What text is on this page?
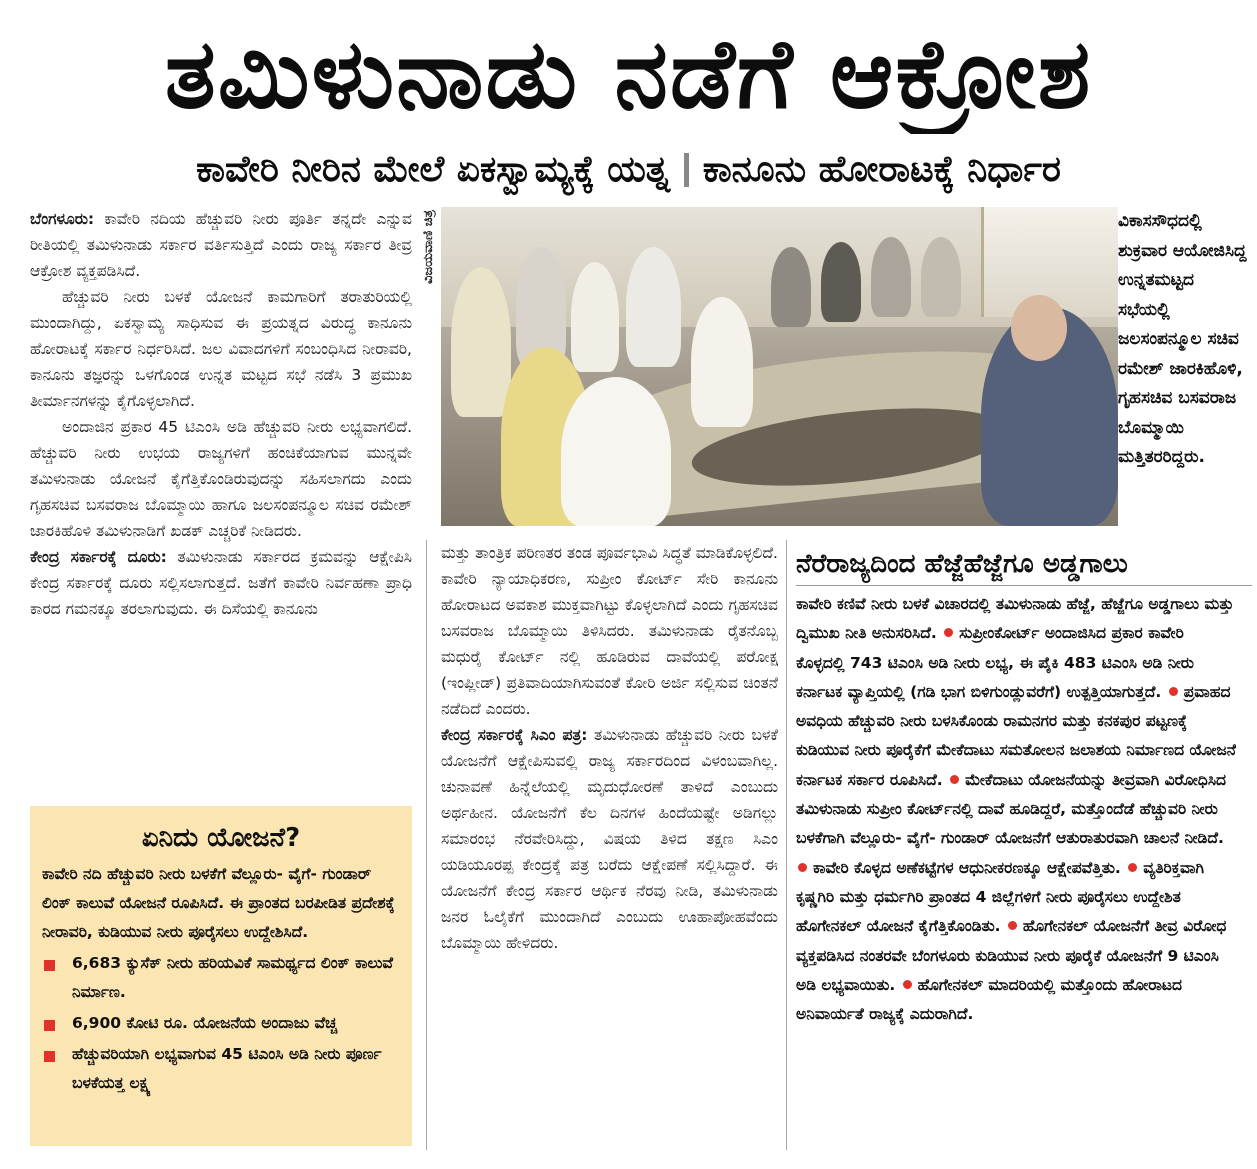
ತಮಿಳುನಾಡು ನಡೆಗೆ ಆಕ್ರೋಶ
ಕಾವೇರಿ ನೀರಿನ ಮೇಲೆ ಏಕಸ್ವಾಮ್ಯಕ್ಕೆ ಯತ್ನ ಕಾನೂನು ಹೋರಾಟಕ್ಕೆ ನಿರ್ಧಾರ

ಬೆಂಗಳೂರು: ಕಾವೇರಿ ನದಿಯ ಹೆಚ್ಚುವರಿ ನೀರು ಪೂರ್ತಿ ತನ್ನದೇ ಎನ್ನುವ ರೀತಿಯಲ್ಲಿ ತಮಿಳುನಾಡು ಸರ್ಕಾರ ವರ್ತಿಸುತ್ತಿದೆ ಎಂದು ರಾಜ್ಯ ಸರ್ಕಾರ ತೀವ್ರ ಆಕ್ರೋಶ ವ್ಯಕ್ತಪಡಿಸಿದೆ.

ಹೆಚ್ಚುವರಿ ನೀರು ಬಳಕೆ ಯೋಜನೆ ಕಾಮಗಾರಿಗೆ ತರಾತುರಿಯಲ್ಲಿ ಮುಂದಾಗಿದ್ದು, ಏಕಸ್ವಾಮ್ಯ ಸಾಧಿಸುವ ಈ ಪ್ರಯತ್ನದ ವಿರುದ್ಧ ಕಾನೂನು ಹೋರಾಟಕ್ಕೆ ಸರ್ಕಾರ ನಿರ್ಧರಿಸಿದೆ. ಜಲ ವಿವಾದಗಳಿಗೆ ಸಂಬಂಧಿಸಿದ ನೀರಾವರಿ, ಕಾನೂನು ತಜ್ಞರನ್ನು ಒಳಗೊಂಡ ಉನ್ನತ ಮಟ್ಟದ ಸಭೆ ನಡೆಸಿ 3 ಪ್ರಮುಖ ತೀರ್ಮಾನಗಳನ್ನು ಕೈಗೊಳ್ಳಲಾಗಿದೆ.

ಅಂದಾಜಿನ ಪ್ರಕಾರ 45 ಟಿಎಂಸಿ ಅಡಿ ಹೆಚ್ಚುವರಿ ನೀರು ಲಭ್ಯವಾಗಲಿದೆ. ಹೆಚ್ಚುವರಿ ನೀರು ಉಭಯ ರಾಜ್ಯಗಳಿಗೆ ಹಂಚಿಕೆಯಾಗುವ ಮುನ್ನವೇ ತಮಿಳುನಾಡು ಯೋಜನೆ ಕೈಗೆತ್ತಿಕೊಂಡಿರುವುದನ್ನು ಸಹಿಸಲಾಗದು ಎಂದು ಗೃಹಸಚಿವ ಬಸವರಾಜ ಬೊಮ್ಮಾಯಿ ಹಾಗೂ ಜಲಸಂಪನ್ಮೂಲ ಸಚಿವ ರಮೇಶ್ ಜಾರಕಿಹೊಳಿ ತಮಿಳುನಾಡಿಗೆ ಖಡಕ್ ಎಚ್ಚರಿಕೆ ನೀಡಿದರು.

ಕೇಂದ್ರ ಸರ್ಕಾರಕ್ಕೆ ದೂರು: ತಮಿಳುನಾಡು ಸರ್ಕಾರದ ಕ್ರಮವನ್ನು ಆಕ್ಷೇಪಿಸಿ ಕೇಂದ್ರ ಸರ್ಕಾರಕ್ಕೆ ದೂರು ಸಲ್ಲಿಸಲಾಗುತ್ತದೆ. ಜತೆಗೆ ಕಾವೇರಿ ನಿರ್ವಹಣಾ ಪ್ರಾಧಿ ಕಾರದ ಗಮನಕ್ಕೂ ತರಲಾಗುವುದು. ಈ ದಿಸೆಯಲ್ಲಿ ಕಾನೂನು

ವಿಜಯವಾಣಿ ಚಿತ್ರ	ವಿಕಾಸಸೌಧದಲ್ಲಿ ಶುಕ್ರವಾರ ಆಯೋಜಿಸಿದ್ದ ಉನ್ನತಮಟ್ಟದ ಸಭೆಯಲ್ಲಿ ಜಲಸಂಪನ್ಮೂಲ ಸಚಿವ ರಮೇಶ್ ಜಾರಕಿಹೊಳಿ, ಗೃಹಸಚಿವ ಬಸವರಾಜ ಬೊಮ್ಮಾಯಿ ಮತ್ತಿತರರಿದ್ದರು.

ಮತ್ತು ತಾಂತ್ರಿಕ ಪರಿಣತರ ತಂಡ ಪೂರ್ವಭಾವಿ ಸಿದ್ಧತೆ ಮಾಡಿಕೊಳ್ಳಲಿದೆ. ಕಾವೇರಿ ನ್ಯಾಯಾಧಿಕರಣ, ಸುಪ್ರೀಂ ಕೋರ್ಟ್ ಸೇರಿ ಕಾನೂನು ಹೋರಾಟದ ಅವಕಾಶ ಮುಕ್ತವಾಗಿಟ್ಟು ಕೊಳ್ಳಲಾಗಿದೆ ಎಂದು ಗೃಹಸಚಿವ ಬಸವರಾಜ ಬೊಮ್ಮಾಯಿ ತಿಳಿಸಿದರು. ತಮಿಳುನಾಡು ರೈತನೊಬ್ಬ ಮಧುರೈ ಕೋರ್ಟ್ ನಲ್ಲಿ ಹೂಡಿರುವ ದಾವೆಯಲ್ಲಿ ಪರೋಕ್ಷ (ಇಂಪ್ಲೀಡ್) ಪ್ರತಿವಾದಿಯಾಗಿಸುವಂತೆ ಕೋರಿ ಅರ್ಜಿ ಸಲ್ಲಿಸುವ ಚಿಂತನೆ ನಡೆದಿದೆ ಎಂದರು.

ಕೇಂದ್ರ ಸರ್ಕಾರಕ್ಕೆ ಸಿಎಂ ಪತ್ರ: ತಮಿಳುನಾಡು ಹೆಚ್ಚುವರಿ ನೀರು ಬಳಕೆ ಯೋಜನೆಗೆ ಆಕ್ಷೇಪಿಸುವಲ್ಲಿ ರಾಜ್ಯ ಸರ್ಕಾರದಿಂದ ವಿಳಂಬವಾಗಿಲ್ಲ. ಚುನಾವಣೆ ಹಿನ್ನೆಲೆಯಲ್ಲಿ ಮೃದುಧೋರಣೆ ತಾಳಿದೆ ಎಂಬುದು ಅರ್ಥಹೀನ. ಯೋಜನೆಗೆ ಕೆಲ ದಿನಗಳ ಹಿಂದೆಯಷ್ಟೇ ಅಡಿಗಲ್ಲು ಸಮಾರಂಭ ನೆರವೇರಿಸಿದ್ದು, ವಿಷಯ ತಿಳಿದ ತಕ್ಷಣ ಸಿಎಂ ಯಡಿಯೂರಪ್ಪ ಕೇಂದ್ರಕ್ಕೆ ಪತ್ರ ಬರೆದು ಆಕ್ಷೇಪಣೆ ಸಲ್ಲಿಸಿದ್ದಾರೆ. ಈ ಯೋಜನೆಗೆ ಕೇಂದ್ರ ಸರ್ಕಾರ ಆರ್ಥಿಕ ನೆರವು ನೀಡಿ, ತಮಿಳುನಾಡು ಜನರ ಓಲೈಕೆಗೆ ಮುಂದಾಗಿದೆ ಎಂಬುದು ಊಹಾಪೋಹವೆಂದು ಬೊಮ್ಮಾಯಿ ಹೇಳಿದರು.

ಏನಿದು ಯೋಜನೆ?
ಕಾವೇರಿ ನದಿ ಹೆಚ್ಚುವರಿ ನೀರು ಬಳಕೆಗೆ ವೆಲ್ಲೂರು- ವೈಗೆ- ಗುಂಡಾರ್ ಲಿಂಕ್ ಕಾಲುವೆ ಯೋಜನೆ ರೂಪಿಸಿದೆ. ಈ ಪ್ರಾಂತದ ಬರಪೀಡಿತ ಪ್ರದೇಶಕ್ಕೆ ನೀರಾವರಿ, ಕುಡಿಯುವ ನೀರು ಪೂರೈಸಲು ಉದ್ದೇಶಿಸಿದೆ.
6,683 ಕ್ಯುಸೆಕ್ ನೀರು ಹರಿಯವಿಕೆ ಸಾಮರ್ಥ್ಯದ ಲಿಂಕ್ ಕಾಲುವೆ ನಿರ್ಮಾಣ.
6,900 ಕೋಟಿ ರೂ. ಯೋಜನೆಯ ಅಂದಾಜು ವೆಚ್ಚ
ಹೆಚ್ಚುವರಿಯಾಗಿ ಲಭ್ಯವಾಗುವ 45 ಟಿಎಂಸಿ ಅಡಿ ನೀರು ಪೂರ್ಣ ಬಳಕೆಯತ್ತ ಲಕ್ಷ್ಯ
ನೆರೆರಾಜ್ಯದಿಂದ ಹೆಜ್ಜೆಹೆಜ್ಜೆಗೂ ಅಡ್ಡಗಾಲು
ಕಾವೇರಿ ಕಣಿವೆ ನೀರು ಬಳಕೆ ವಿಚಾರದಲ್ಲಿ ತಮಿಳುನಾಡು ಹೆಜ್ಜೆ, ಹೆಜ್ಜೆಗೂ ಅಡ್ಡಗಾಲು ಮತ್ತು ದ್ವಿಮುಖ ನೀತಿ ಅನುಸರಿಸಿದೆ. ಸುಪ್ರೀಂಕೋರ್ಟ್ ಅಂದಾಜಿಸಿದ ಪ್ರಕಾರ ಕಾವೇರಿ ಕೊಳ್ಳದಲ್ಲಿ 743 ಟಿಎಂಸಿ ಅಡಿ ನೀರು ಲಭ್ಯ, ಈ ಪೈಕಿ 483 ಟಿಎಂಸಿ ಅಡಿ ನೀರು ಕರ್ನಾಟಕ ವ್ಯಾಪ್ತಿಯಲ್ಲಿ (ಗಡಿ ಭಾಗ ಬಿಳಿಗುಂಡ್ಲುವರೆಗೆ) ಉತ್ಪತ್ತಿಯಾಗುತ್ತದೆ. ಪ್ರವಾಹದ ಅವಧಿಯ ಹೆಚ್ಚುವರಿ ನೀರು ಬಳಸಿಕೊಂಡು ರಾಮನಗರ ಮತ್ತು ಕನಕಪುರ ಪಟ್ಟಣಕ್ಕೆ ಕುಡಿಯುವ ನೀರು ಪೂರೈಕೆಗೆ ಮೇಕೆದಾಟು ಸಮತೋಲನ ಜಲಾಶಯ ನಿರ್ಮಾಣದ ಯೋಜನೆ ಕರ್ನಾಟಕ ಸರ್ಕಾರ ರೂಪಿಸಿದೆ. ಮೇಕೆದಾಟು ಯೋಜನೆಯನ್ನು ತೀವ್ರವಾಗಿ ವಿರೋಧಿಸಿದ ತಮಿಳುನಾಡು ಸುಪ್ರೀಂ ಕೋರ್ಟ್‌ನಲ್ಲಿ ದಾವೆ ಹೂಡಿದ್ದರೆ, ಮತ್ತೊಂದೆಡೆ ಹೆಚ್ಚುವರಿ ನೀರು ಬಳಕೆಗಾಗಿ ವೆಲ್ಲೂರು- ವೈಗೆ- ಗುಂಡಾರ್ ಯೋಜನೆಗೆ ಆತುರಾತುರವಾಗಿ ಚಾಲನೆ ನೀಡಿದೆ. ಕಾವೇರಿ ಕೊಳ್ಳದ ಅಣೆಕಟ್ಟೆಗಳ ಆಧುನೀಕರಣಕ್ಕೂ ಆಕ್ಷೇಪವೆತ್ತಿತು. ವ್ಯತಿರಿಕ್ತವಾಗಿ ಕೃಷ್ಣಗಿರಿ ಮತ್ತು ಧರ್ಮಗಿರಿ ಪ್ರಾಂತದ 4 ಜಿಲ್ಲೆಗಳಿಗೆ ನೀರು ಪೂರೈಸಲು ಉದ್ದೇಶಿತ ಹೊಗೇನಕಲ್ ಯೋಜನೆ ಕೈಗೆತ್ತಿಕೊಂಡಿತು. ಹೊಗೇನಕಲ್ ಯೋಜನೆಗೆ ತೀವ್ರ ವಿರೋಧ ವ್ಯಕ್ತಪಡಿಸಿದ ನಂತರವೇ ಬೆಂಗಳೂರು ಕುಡಿಯುವ ನೀರು ಪೂರೈಕೆ ಯೋಜನೆಗೆ 9 ಟಿಎಂಸಿ ಅಡಿ ಲಭ್ಯವಾಯಿತು. ಹೊಗೇನಕಲ್ ಮಾದರಿಯಲ್ಲಿ ಮತ್ತೊಂದು ಹೋರಾಟದ ಅನಿವಾರ್ಯತೆ ರಾಜ್ಯಕ್ಕೆ ಎದುರಾಗಿದೆ.
